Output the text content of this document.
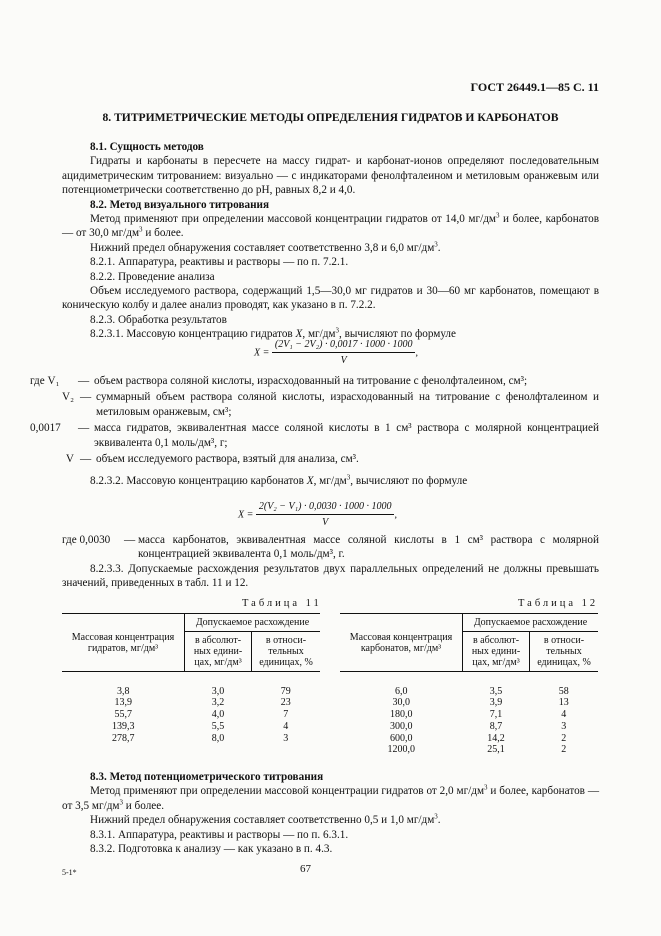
ГОСТ 26449.1—85 С. 11
8. ТИТРИМЕТРИЧЕСКИЕ МЕТОДЫ ОПРЕДЕЛЕНИЯ ГИДРАТОВ И КАРБОНАТОВ

8.1. Сущность методов

Гидраты и карбонаты в пересчете на массу гидрат- и карбонат-ионов определяют последовательным ацидиметрическим титрованием: визуально — с индикаторами фенолфталеином и метиловым оранжевым или потенциометрически соответственно до pH, равных 8,2 и 4,0.

8.2. Метод визуального титрования

Метод применяют при определении массовой концентрации гидратов от 14,0 $мг/дм^3$ и более, карбонатов — от 30,0 $мг/дм^3$ и более.

Нижний предел обнаружения составляет соответственно 3,8 и 6,0 $мг/дм^3$.

8.2.1. Аппаратура, реактивы и растворы — по п. 7.2.1.

8.2.2. Проведение анализа

Объем исследуемого раствора, содержащий 1,5—30,0 мг гидратов и 30—60 мг карбонатов, помещают в коническую колбу и далее анализ проводят, как указано в п. 7.2.2.

8.2.3. Обработка результатов

8.2.3.1. Массовую концентрацию гидратов X, $мг/дм^3$, вычисляют по формуле

$X = \frac{\text{(2V₁ − 2V₂) · 0,0017 · 1000 · 1000}}{V}$ ,
где V₁	— объем раствора соляной кислоты, израсходованный на титрование с фенолфталеином, см³;
V₂ — суммарный объем раствора соляной кислоты, израсходованный на титрование с фенолфталеином и метиловым оранжевым, см³;
0,0017	— масса гидратов, эквивалентная массе соляной кислоты в 1 см³ раствора с молярной концентрацией эквивалента 0,1 моль/дм³, г;
V — объем исследуемого раствора, взятый для анализа, см³.

8.2.3.2. Массовую концентрацию карбонатов X, $мг/дм^3$, вычисляют по формуле

$X = \frac{\text{2(V₂ − V₁) · 0,0030 · 1000 · 1000}}{V}$ ,
где 0,0030	— масса карбонатов, эквивалентная массе соляной кислоты в 1 см³ раствора с молярной концентрацией эквивалента 0,1 моль/дм³, г.

8.2.3.3. Допускаемые расхождения результатов двух параллельных определений не должны превышать значений, приведенных в табл. 11 и 12.

Таблица 11
Массовая концентрация гидратов, мг/дм³	Допускаемое расхождение	
	в абсолют-ных едини-цах, мг/дм³	в относи-тельных единицах, %

3,8	3,0	79
13,9	3,2	23
55,7	4,0	7
139,3	5,5	4
278,7	8,0	3
Таблица 12
Массовая концентрация карбонатов, мг/дм³	Допускаемое расхождение	
	в абсолют-ных едини-цах, мг/дм³	в относи-тельных единицах, %

6,0	3,5	58
30,0	3,9	13
180,0	7,1	4
300,0	8,7	3
600,0	14,2	2
1200,0	25,1	2

8.3. Метод потенциометрического титрования

Метод применяют при определении массовой концентрации гидратов от 2,0 $мг/дм^3$ и более, карбонатов — от 3,5 $мг/дм^3$ и более.

Нижний предел обнаружения составляет соответственно 0,5 и 1,0 $мг/дм^3$.

8.3.1. Аппаратура, реактивы и растворы — по п. 6.3.1.

8.3.2. Подготовка к анализу — как указано в п. 4.3.

5-1*	67
